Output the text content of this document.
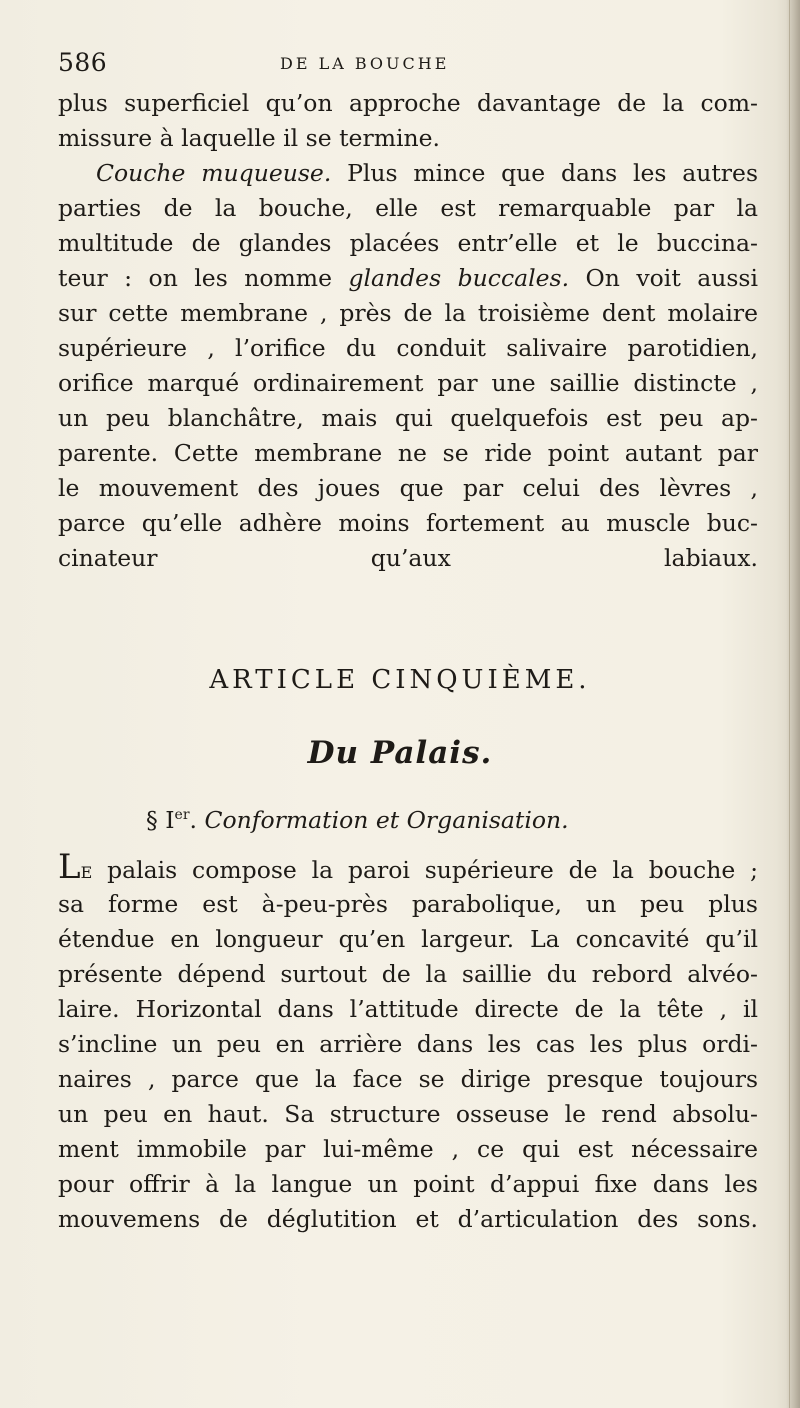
586	DE LA BOUCHE
plus superficiel qu’on approche davantage de la com-
missure à laquelle il se termine.
Couche muqueuse. Plus mince que dans les autres
parties de la bouche, elle est remarquable par la
multitude de glandes placées entr’elle et le buccina-
teur : on les nomme glandes buccales. On voit aussi
sur cette membrane , près de la troisième dent molaire
supérieure , l’orifice du conduit salivaire parotidien,
orifice marqué ordinairement par une saillie distincte ,
un peu blanchâtre, mais qui quelquefois est peu ap-
parente. Cette membrane ne se ride point autant par
le mouvement des joues que par celui des lèvres ,
parce qu’elle adhère moins fortement au muscle buc-
cinateur qu’aux labiaux.
ARTICLE CINQUIÈME.
Du Palais.
§ Ier. Conformation et Organisation.
Le palais compose la paroi supérieure de la bouche ;
sa forme est à-peu-près parabolique, un peu plus
étendue en longueur qu’en largeur. La concavité qu’il
présente dépend surtout de la saillie du rebord alvéo-
laire. Horizontal dans l’attitude directe de la tête , il
s’incline un peu en arrière dans les cas les plus ordi-
naires , parce que la face se dirige presque toujours
un peu en haut. Sa structure osseuse le rend absolu-
ment immobile par lui-même , ce qui est nécessaire
pour offrir à la langue un point d’appui fixe dans les
mouvemens de déglutition et d’articulation des sons.
